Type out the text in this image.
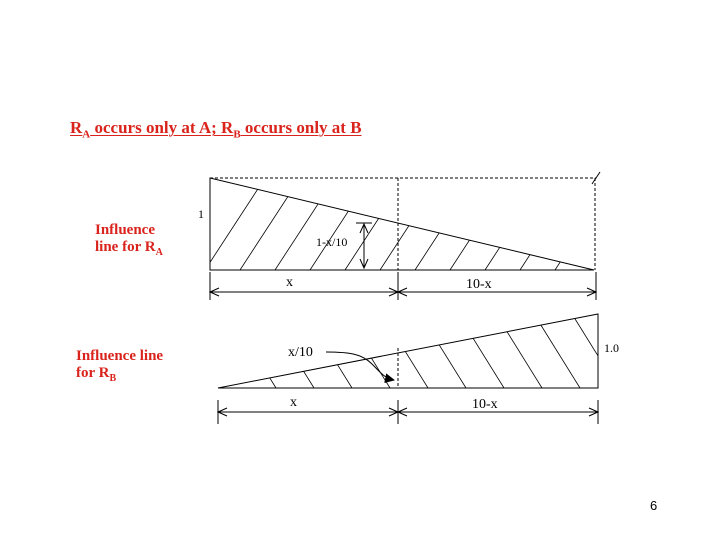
$R_A$ occurs only at A; $R_B$ occurs only at B
Influence
line for $R_A$
Influence line
for $R_B$
1-x/10
1
x	10-x
x/10	1.0
x	10-x
6
